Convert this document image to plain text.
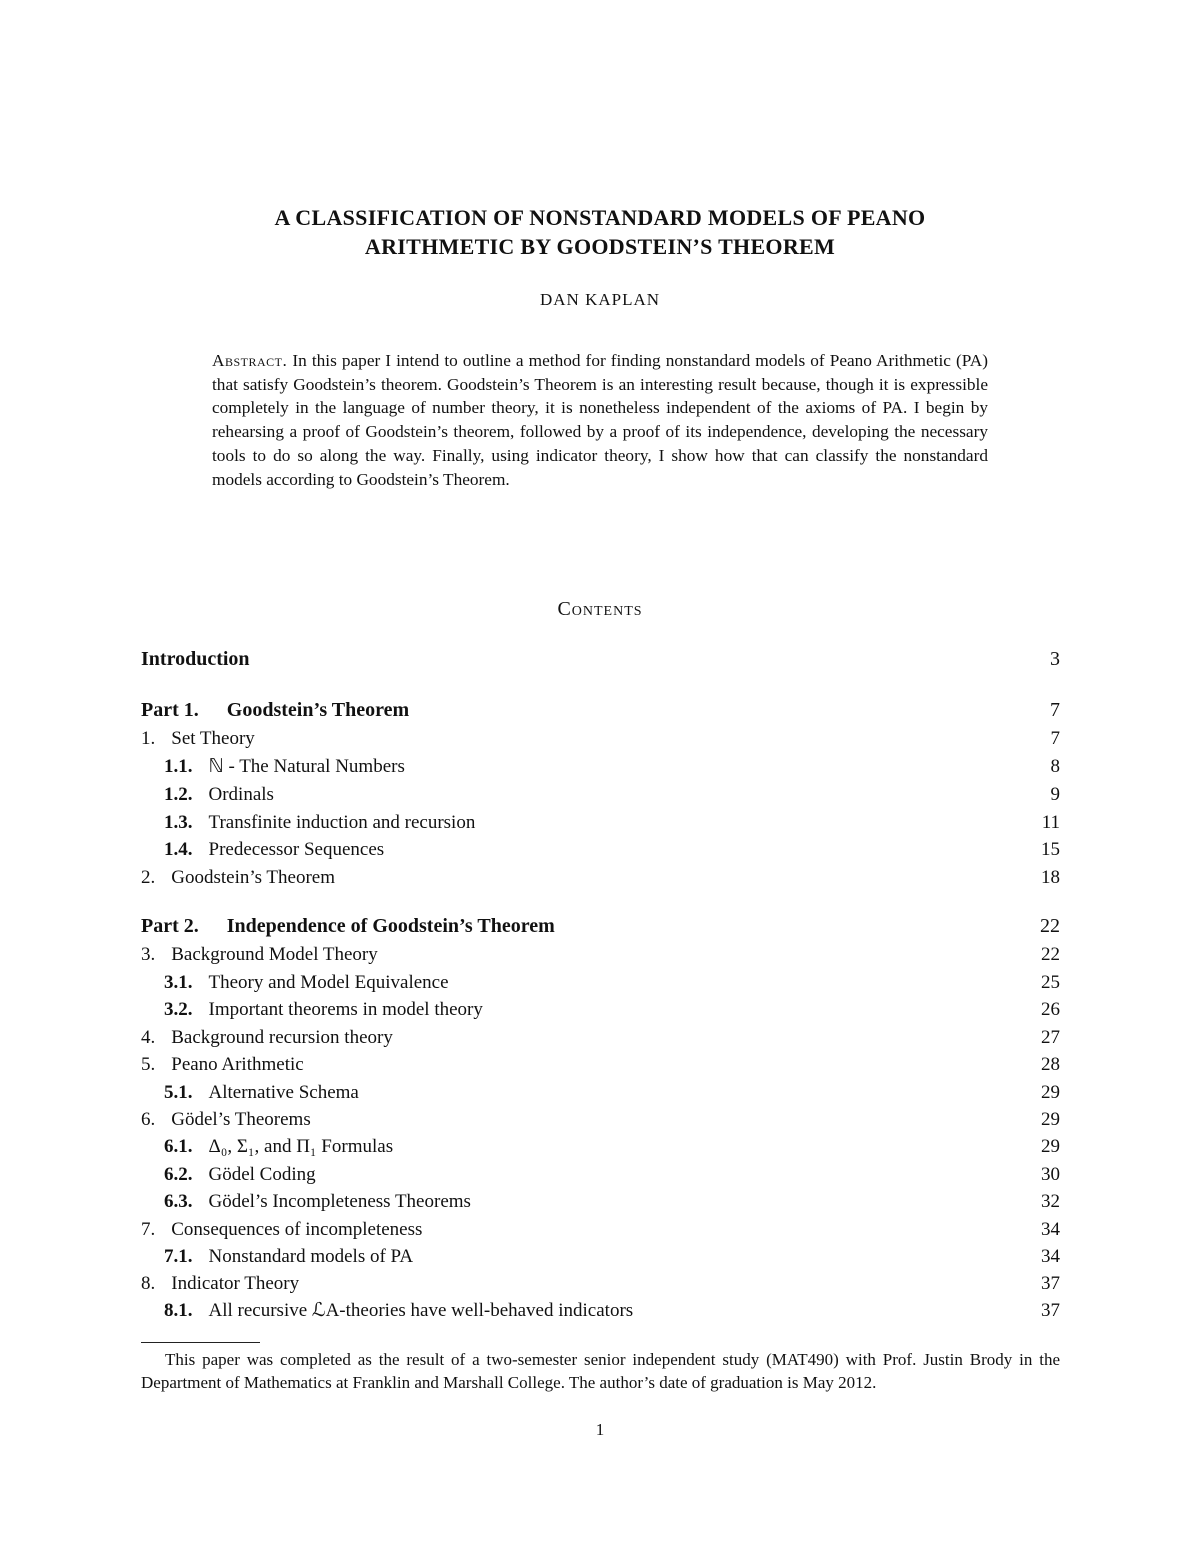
A CLASSIFICATION OF NONSTANDARD MODELS OF PEANO
ARITHMETIC BY GOODSTEIN’S THEOREM
DAN KAPLAN
Abstract. In this paper I intend to outline a method for finding nonstandard models of Peano Arithmetic (PA) that satisfy Goodstein’s theorem. Goodstein’s Theorem is an interesting result because, though it is expressible completely in the language of number theory, it is nonetheless independent of the axioms of PA. I begin by rehearsing a proof of Goodstein’s theorem, followed by a proof of its independence, developing the necessary tools to do so along the way. Finally, using indicator theory, I show how that can classify the nonstandard models according to Goodstein’s Theorem.
Contents
Introduction	3
Part 1. Goodstein’s Theorem	7
1. Set Theory	7
1.1. ℕ - The Natural Numbers	8
1.2. Ordinals	9
1.3. Transfinite induction and recursion	11
1.4. Predecessor Sequences	15
2. Goodstein’s Theorem	18
Part 2. Independence of Goodstein’s Theorem	22
3. Background Model Theory	22
3.1. Theory and Model Equivalence	25
3.2. Important theorems in model theory	26
4. Background recursion theory	27
5. Peano Arithmetic	28
5.1. Alternative Schema	29
6. Gödel’s Theorems	29
6.1. Δ₀, Σ₁, and Π₁ Formulas	29
6.2. Gödel Coding	30
6.3. Gödel’s Incompleteness Theorems	32
7. Consequences of incompleteness	34
7.1. Nonstandard models of PA	34
8. Indicator Theory	37
8.1. All recursive ℒA-theories have well-behaved indicators	37
This paper was completed as the result of a two-semester senior independent study (MAT490) with Prof. Justin Brody in the Department of Mathematics at Franklin and Marshall College. The author’s date of graduation is May 2012.
1
